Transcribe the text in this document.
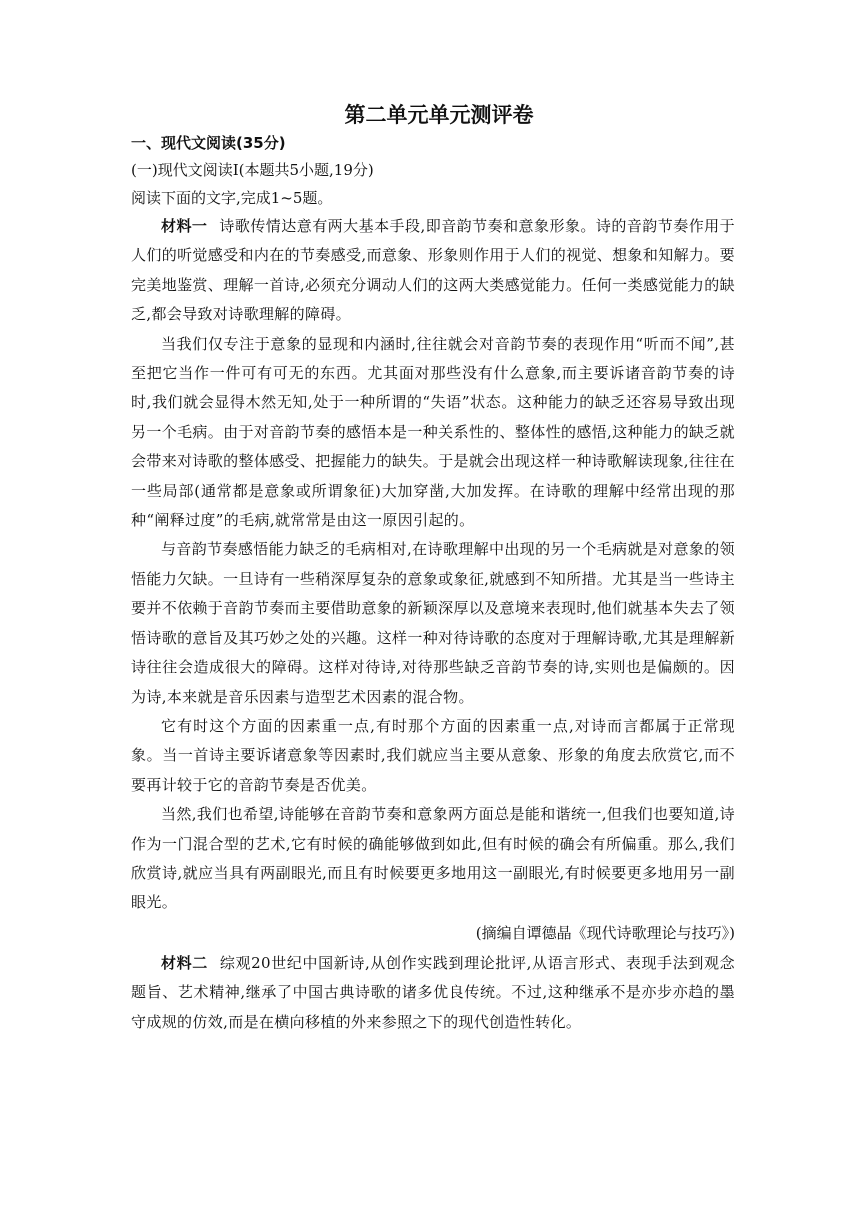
第二单元单元测评卷

一、现代文阅读(35分)

(一)现代文阅读Ⅰ(本题共5小题,19分)

阅读下面的文字,完成1~5题。

材料一 诗歌传情达意有两大基本手段,即音韵节奏和意象形象。诗的音韵节奏作用于人们的听觉感受和内在的节奏感受,而意象、形象则作用于人们的视觉、想象和知解力。要完美地鉴赏、理解一首诗,必须充分调动人们的这两大类感觉能力。任何一类感觉能力的缺乏,都会导致对诗歌理解的障碍。

当我们仅专注于意象的显现和内涵时,往往就会对音韵节奏的表现作用“听而不闻”,甚至把它当作一件可有可无的东西。尤其面对那些没有什么意象,而主要诉诸音韵节奏的诗时,我们就会显得木然无知,处于一种所谓的“失语”状态。这种能力的缺乏还容易导致出现另一个毛病。由于对音韵节奏的感悟本是一种关系性的、整体性的感悟,这种能力的缺乏就会带来对诗歌的整体感受、把握能力的缺失。于是就会出现这样一种诗歌解读现象,往往在一些局部(通常都是意象或所谓象征)大加穿凿,大加发挥。在诗歌的理解中经常出现的那种“阐释过度”的毛病,就常常是由这一原因引起的。

与音韵节奏感悟能力缺乏的毛病相对,在诗歌理解中出现的另一个毛病就是对意象的领悟能力欠缺。一旦诗有一些稍深厚复杂的意象或象征,就感到不知所措。尤其是当一些诗主要并不依赖于音韵节奏而主要借助意象的新颖深厚以及意境来表现时,他们就基本失去了领悟诗歌的意旨及其巧妙之处的兴趣。这样一种对待诗歌的态度对于理解诗歌,尤其是理解新诗往往会造成很大的障碍。这样对待诗,对待那些缺乏音韵节奏的诗,实则也是偏颇的。因为诗,本来就是音乐因素与造型艺术因素的混合物。

它有时这个方面的因素重一点,有时那个方面的因素重一点,对诗而言都属于正常现象。当一首诗主要诉诸意象等因素时,我们就应当主要从意象、形象的角度去欣赏它,而不要再计较于它的音韵节奏是否优美。

当然,我们也希望,诗能够在音韵节奏和意象两方面总是能和谐统一,但我们也要知道,诗作为一门混合型的艺术,它有时候的确能够做到如此,但有时候的确会有所偏重。那么,我们欣赏诗,就应当具有两副眼光,而且有时候要更多地用这一副眼光,有时候要更多地用另一副眼光。

(摘编自谭德晶《现代诗歌理论与技巧》)

材料二 综观20世纪中国新诗,从创作实践到理论批评,从语言形式、表现手法到观念题旨、艺术精神,继承了中国古典诗歌的诸多优良传统。不过,这种继承不是亦步亦趋的墨守成规的仿效,而是在横向移植的外来参照之下的现代创造性转化。
